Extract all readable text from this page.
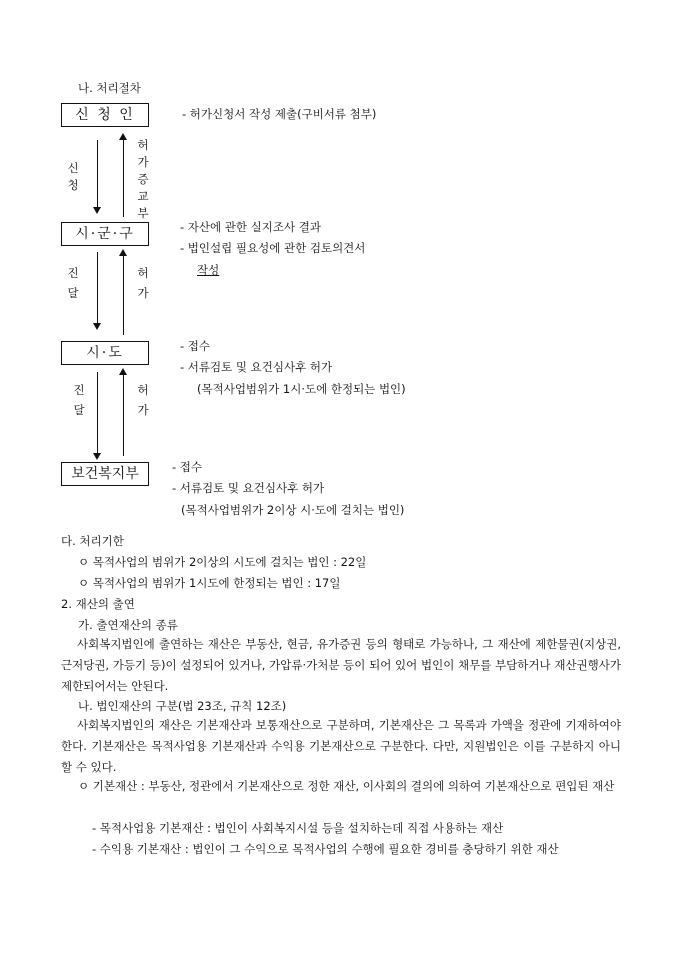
나. 처리절차
신 청 인	- 허가신청서 작성 제출(구비서류 첨부)
신청
허가증교부
시·군·구	- 자산에 관한 실지조사 결과
- 법인설립 필요성에 관한 검토의견서
작성
진달
허가
시·도	- 접수
- 서류검토 및 요건심사후 허가
(목적사업범위가 1시·도에 한정되는 법인)
진달
허가
보건복지부	- 접수
- 서류검토 및 요건심사후 허가
(목적사업범위가 2이상 시·도에 걸치는 법인)
다. 처리기한
ㅇ 목적사업의 범위가 2이상의 시도에 걸치는 법인 : 22일
ㅇ 목적사업의 범위가 1시도에 한정되는 법인 : 17일
2. 재산의 출연
가. 출연재산의 종류
사회복지법인에 출연하는 재산은 부동산, 현금, 유가증권 등의 형태로 가능하나, 그 재산에 제한물권(지상권, 근저당권, 가등기 등)이 설정되어 있거나, 가압류·가처분 등이 되어 있어 법인이 채무를 부담하거나 재산권행사가 제한되어서는 안된다.
나. 법인재산의 구분(법 23조, 규칙 12조)
사회복지법인의 재산은 기본재산과 보통재산으로 구분하며, 기본재산은 그 목록과 가액을 정관에 기재하여야 한다. 기본재산은 목적사업용 기본재산과 수익용 기본재산으로 구분한다. 다만, 지원법인은 이를 구분하지 아니할 수 있다.
ㅇ 기본재산 : 부동산, 정관에서 기본재산으로 정한 재산, 이사회의 결의에 의하여 기본재산으로 편입된 재산
- 목적사업용 기본재산 : 법인이 사회복지시설 등을 설치하는데 직접 사용하는 재산
- 수익용 기본재산 : 법인이 그 수익으로 목적사업의 수행에 필요한 경비를 충당하기 위한 재산
